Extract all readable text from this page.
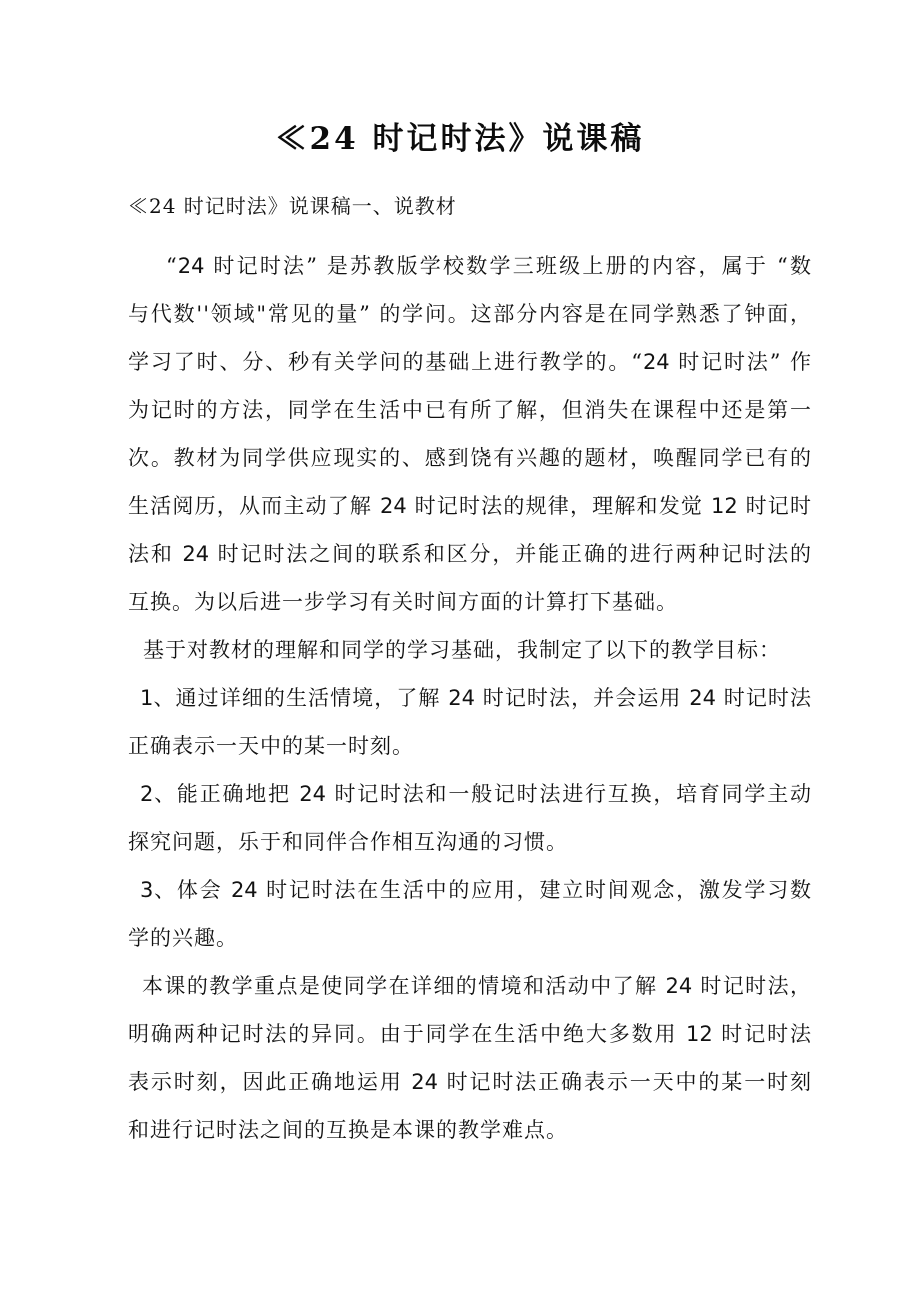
≪24 时记时法》说课稿
≪24 时记时法》说课稿一、说教材

“24 时记时法” 是苏教版学校数学三班级上册的内容，属于 “数
与代数''领域"常见的量” 的学问。这部分内容是在同学熟悉了钟面，
学习了时、分、秒有关学问的基础上进行教学的。“24 时记时法” 作
为记时的方法，同学在生活中已有所了解，但消失在课程中还是第一
次。教材为同学供应现实的、感到饶有兴趣的题材，唤醒同学已有的
生活阅历，从而主动了解 24 时记时法的规律，理解和发觉 12 时记时
法和 24 时记时法之间的联系和区分，并能正确的进行两种记时法的
互换。为以后进一步学习有关时间方面的计算打下基础。

基于对教材的理解和同学的学习基础，我制定了以下的教学目标：

1、通过详细的生活情境，了解 24 时记时法，并会运用 24 时记时法
正确表示一天中的某一时刻。

2、能正确地把 24 时记时法和一般记时法进行互换，培育同学主动
探究问题，乐于和同伴合作相互沟通的习惯。

3、体会 24 时记时法在生活中的应用，建立时间观念，激发学习数
学的兴趣。

本课的教学重点是使同学在详细的情境和活动中了解 24 时记时法，
明确两种记时法的异同。由于同学在生活中绝大多数用 12 时记时法
表示时刻，因此正确地运用 24 时记时法正确表示一天中的某一时刻
和进行记时法之间的互换是本课的教学难点。
